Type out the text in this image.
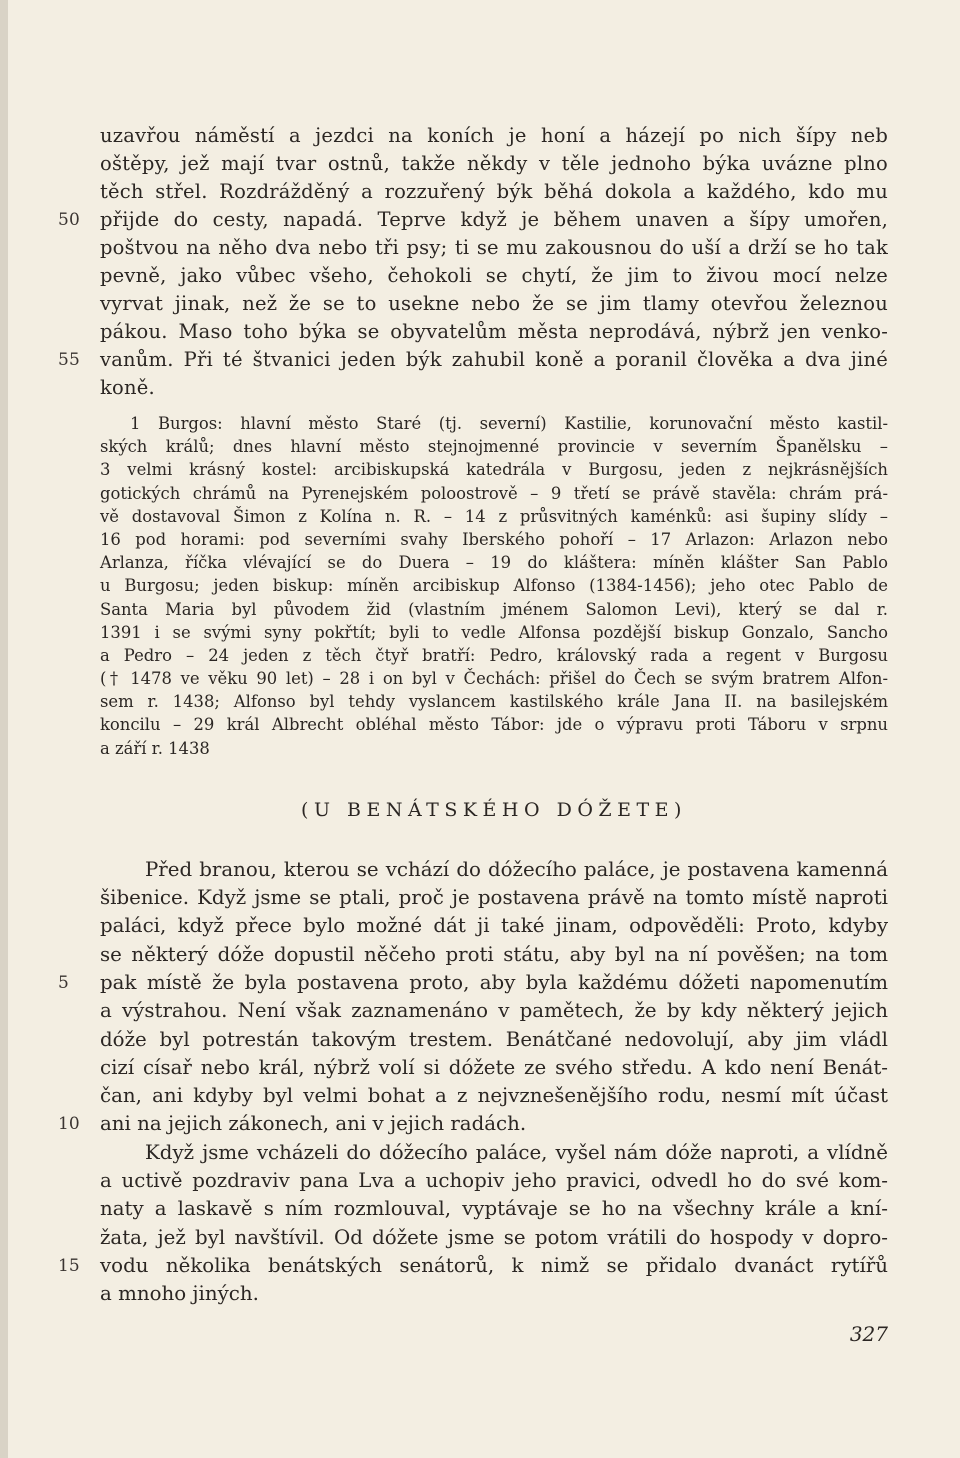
uzavřou náměstí a jezdci na koních je honí a házejí po nich šípy neb
oštěpy, jež mají tvar ostnů, takže někdy v těle jednoho býka uvázne plno
těch střel. Rozdrážděný a rozzuřený býk běhá dokola a každého, kdo mu
50 přijde do cesty, napadá. Teprve když je během unaven a šípy umořen,
poštvou na něho dva nebo tři psy; ti se mu zakousnou do uší a drží se ho tak
pevně, jako vůbec všeho, čehokoli se chytí, že jim to živou mocí nelze
vyrvat jinak, než že se to usekne nebo že se jim tlamy otevřou železnou
pákou. Maso toho býka se obyvatelům města neprodává, nýbrž jen venko-
55 vanům. Při té štvanici jeden býk zahubil koně a poranil člověka a dva jiné
koně.
1 Burgos: hlavní město Staré (tj. severní) Kastilie, korunovační město kastil-
ských králů; dnes hlavní město stejnojmenné provincie v severním Španělsku –
3 velmi krásný kostel: arcibiskupská katedrála v Burgosu, jeden z nejkrásnějších
gotických chrámů na Pyrenejském poloostrově – 9 třetí se právě stavěla: chrám prá-
vě dostavoval Šimon z Kolína n. R. – 14 z průsvitných kaménků: asi šupiny slídy –
16 pod horami: pod severními svahy Iberského pohoří – 17 Arlazon: Arlazon nebo
Arlanza, říčka vlévající se do Duera – 19 do kláštera: míněn klášter San Pablo
u Burgosu; jeden biskup: míněn arcibiskup Alfonso (1384-1456); jeho otec Pablo de
Santa Maria byl původem žid (vlastním jménem Salomon Levi), který se dal r.
1391 i se svými syny pokřtít; byli to vedle Alfonsa pozdější biskup Gonzalo, Sancho
a Pedro – 24 jeden z těch čtyř bratří: Pedro, královský rada a regent v Burgosu
(† 1478 ve věku 90 let) – 28 i on byl v Čechách: přišel do Čech se svým bratrem Alfon-
sem r. 1438; Alfonso byl tehdy vyslancem kastilského krále Jana II. na basilejském
koncilu – 29 král Albrecht obléhal město Tábor: jde o výpravu proti Táboru v srpnu
a září r. 1438
(U BENÁTSKÉHO DÓŽETE)
Před branou, kterou se vchází do dóžecího paláce, je postavena kamenná
šibenice. Když jsme se ptali, proč je postavena právě na tomto místě naproti
paláci, když přece bylo možné dát ji také jinam, odpověděli: Proto, kdyby
se některý dóže dopustil něčeho proti státu, aby byl na ní pověšen; na tom
5 pak místě že byla postavena proto, aby byla každému dóžeti napomenutím
a výstrahou. Není však zaznamenáno v pamětech, že by kdy některý jejich
dóže byl potrestán takovým trestem. Benátčané nedovolují, aby jim vládl
cizí císař nebo král, nýbrž volí si dóžete ze svého středu. A kdo není Benát-
čan, ani kdyby byl velmi bohat a z nejvznešenějšího rodu, nesmí mít účast
10 ani na jejich zákonech, ani v jejich radách.
Když jsme vcházeli do dóžecího paláce, vyšel nám dóže naproti, a vlídně
a uctivě pozdraviv pana Lva a uchopiv jeho pravici, odvedl ho do své kom-
naty a laskavě s ním rozmlouval, vyptávaje se ho na všechny krále a kní-
žata, jež byl navštívil. Od dóžete jsme se potom vrátili do hospody v dopro-
15 vodu několika benátských senátorů, k nimž se přidalo dvanáct rytířů
a mnoho jiných.
327
